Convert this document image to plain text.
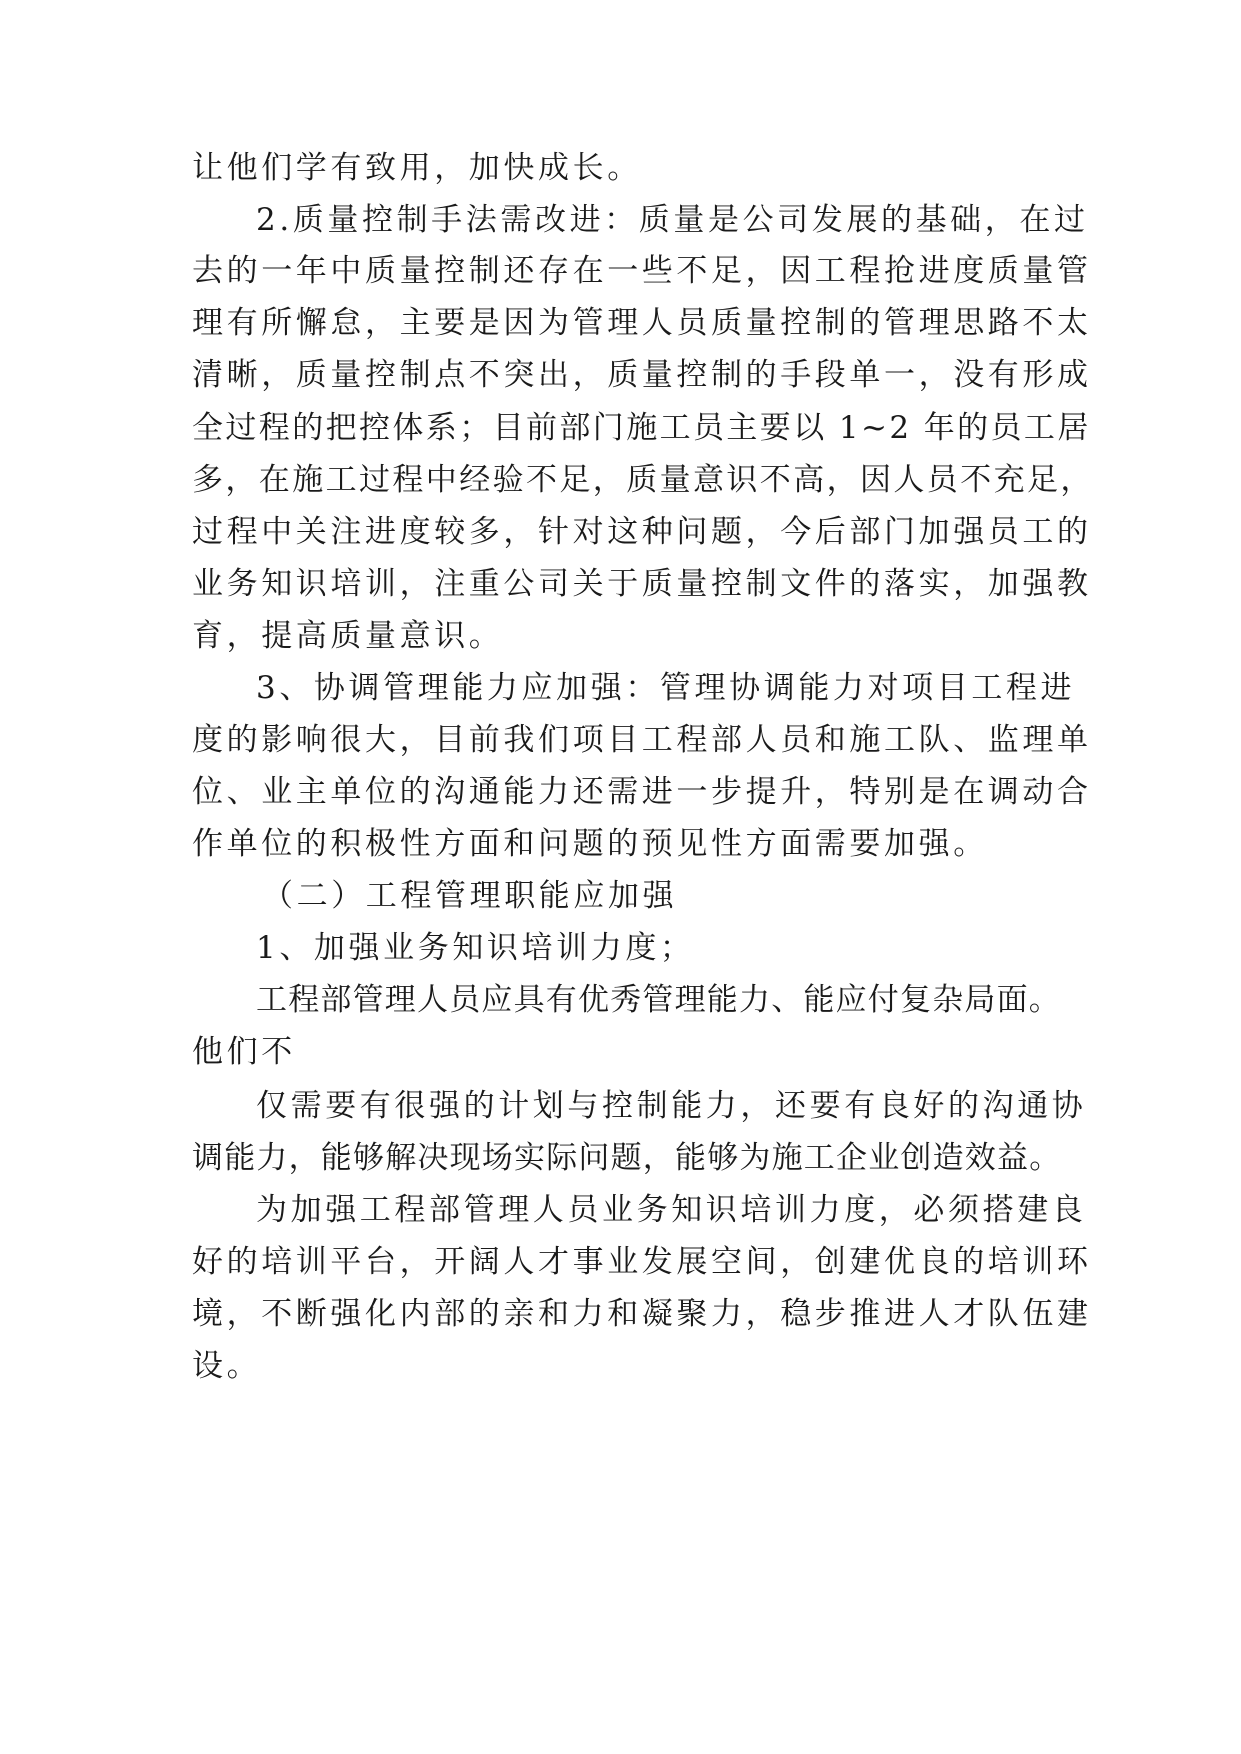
让他们学有致用，加快成长。
2.质量控制手法需改进：质量是公司发展的基础，在过
去的一年中质量控制还存在一些不足，因工程抢进度质量管
理有所懈怠，主要是因为管理人员质量控制的管理思路不太
清晰，质量控制点不突出，质量控制的手段单一，没有形成
全过程的把控体系；目前部门施工员主要以 1~2 年的员工居
多，在施工过程中经验不足，质量意识不高，因人员不充足，
过程中关注进度较多，针对这种问题，今后部门加强员工的
业务知识培训，注重公司关于质量控制文件的落实，加强教
育，提高质量意识。
3、协调管理能力应加强：管理协调能力对项目工程进
度的影响很大，目前我们项目工程部人员和施工队、监理单
位、业主单位的沟通能力还需进一步提升，特别是在调动合
作单位的积极性方面和问题的预见性方面需要加强。
（二）工程管理职能应加强
1、加强业务知识培训力度；
工程部管理人员应具有优秀管理能力、能应付复杂局面。
他们不
仅需要有很强的计划与控制能力，还要有良好的沟通协
调能力，能够解决现场实际问题，能够为施工企业创造效益。
为加强工程部管理人员业务知识培训力度，必须搭建良
好的培训平台，开阔人才事业发展空间，创建优良的培训环
境，不断强化内部的亲和力和凝聚力，稳步推进人才队伍建
设。
